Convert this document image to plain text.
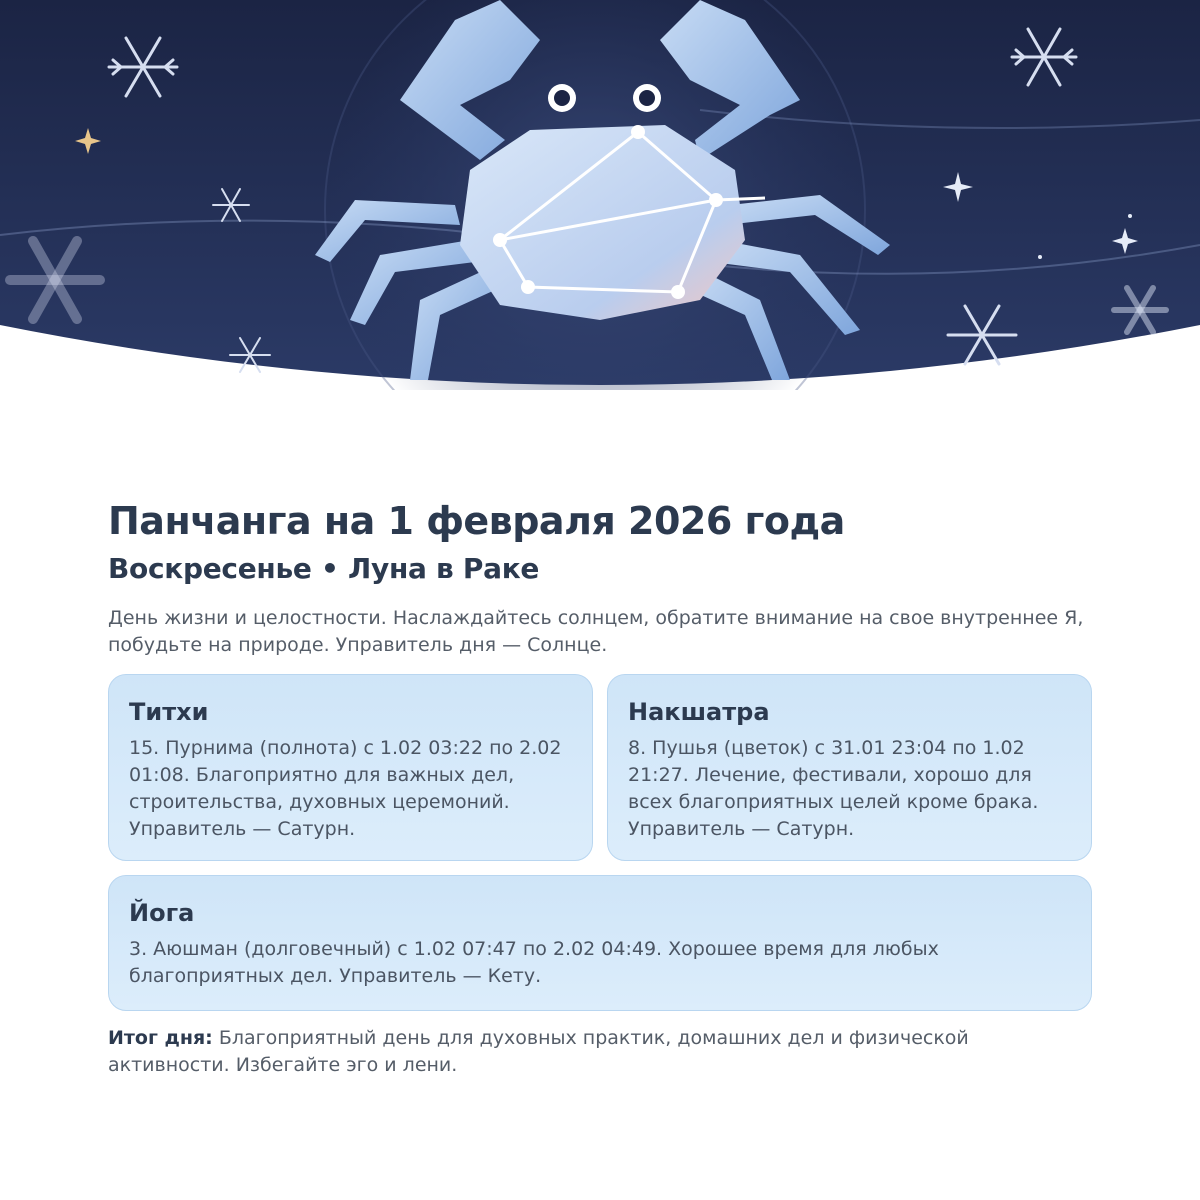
Панчанга на 1 февраля 2026 года
Воскресенье • Луна в Раке

День жизни и целостности. Наслаждайтесь солнцем, обратите внимание на свое внутреннее Я, побудьте на природе. Управитель дня — Солнце.

Титхи

15. Пурнима (полнота) с 1.02 03:22 по 2.02 01:08. Благоприятно для важных дел, строительства, духовных церемоний. Управитель — Сатурн.

Накшатра

8. Пушья (цветок) с 31.01 23:04 по 1.02 21:27. Лечение, фестивали, хорошо для всех благоприятных целей кроме брака. Управитель — Сатурн.

Йога

3. Аюшман (долговечный) с 1.02 07:47 по 2.02 04:49. Хорошее время для любых благоприятных дел. Управитель — Кету.

Итог дня: Благоприятный день для духовных практик, домашних дел и физической активности. Избегайте эго и лени.
